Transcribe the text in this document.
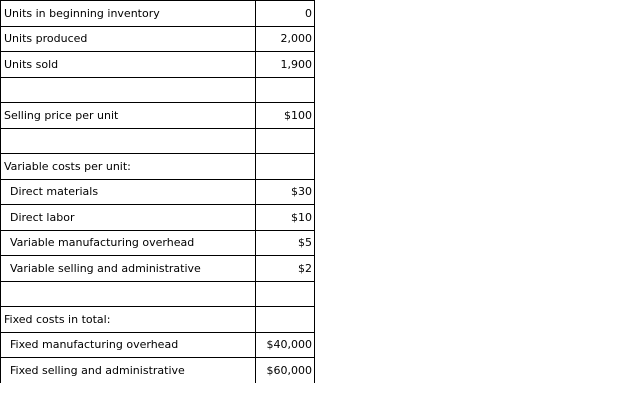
Units in beginning inventory	0
Units produced	2,000
Units sold	1,900

Selling price per unit	$100

Variable costs per unit:	
Direct materials	$30
Direct labor	$10
Variable manufacturing overhead	$5
Variable selling and administrative	$2

Fixed costs in total:	
Fixed manufacturing overhead	$40,000
Fixed selling and administrative	$60,000
